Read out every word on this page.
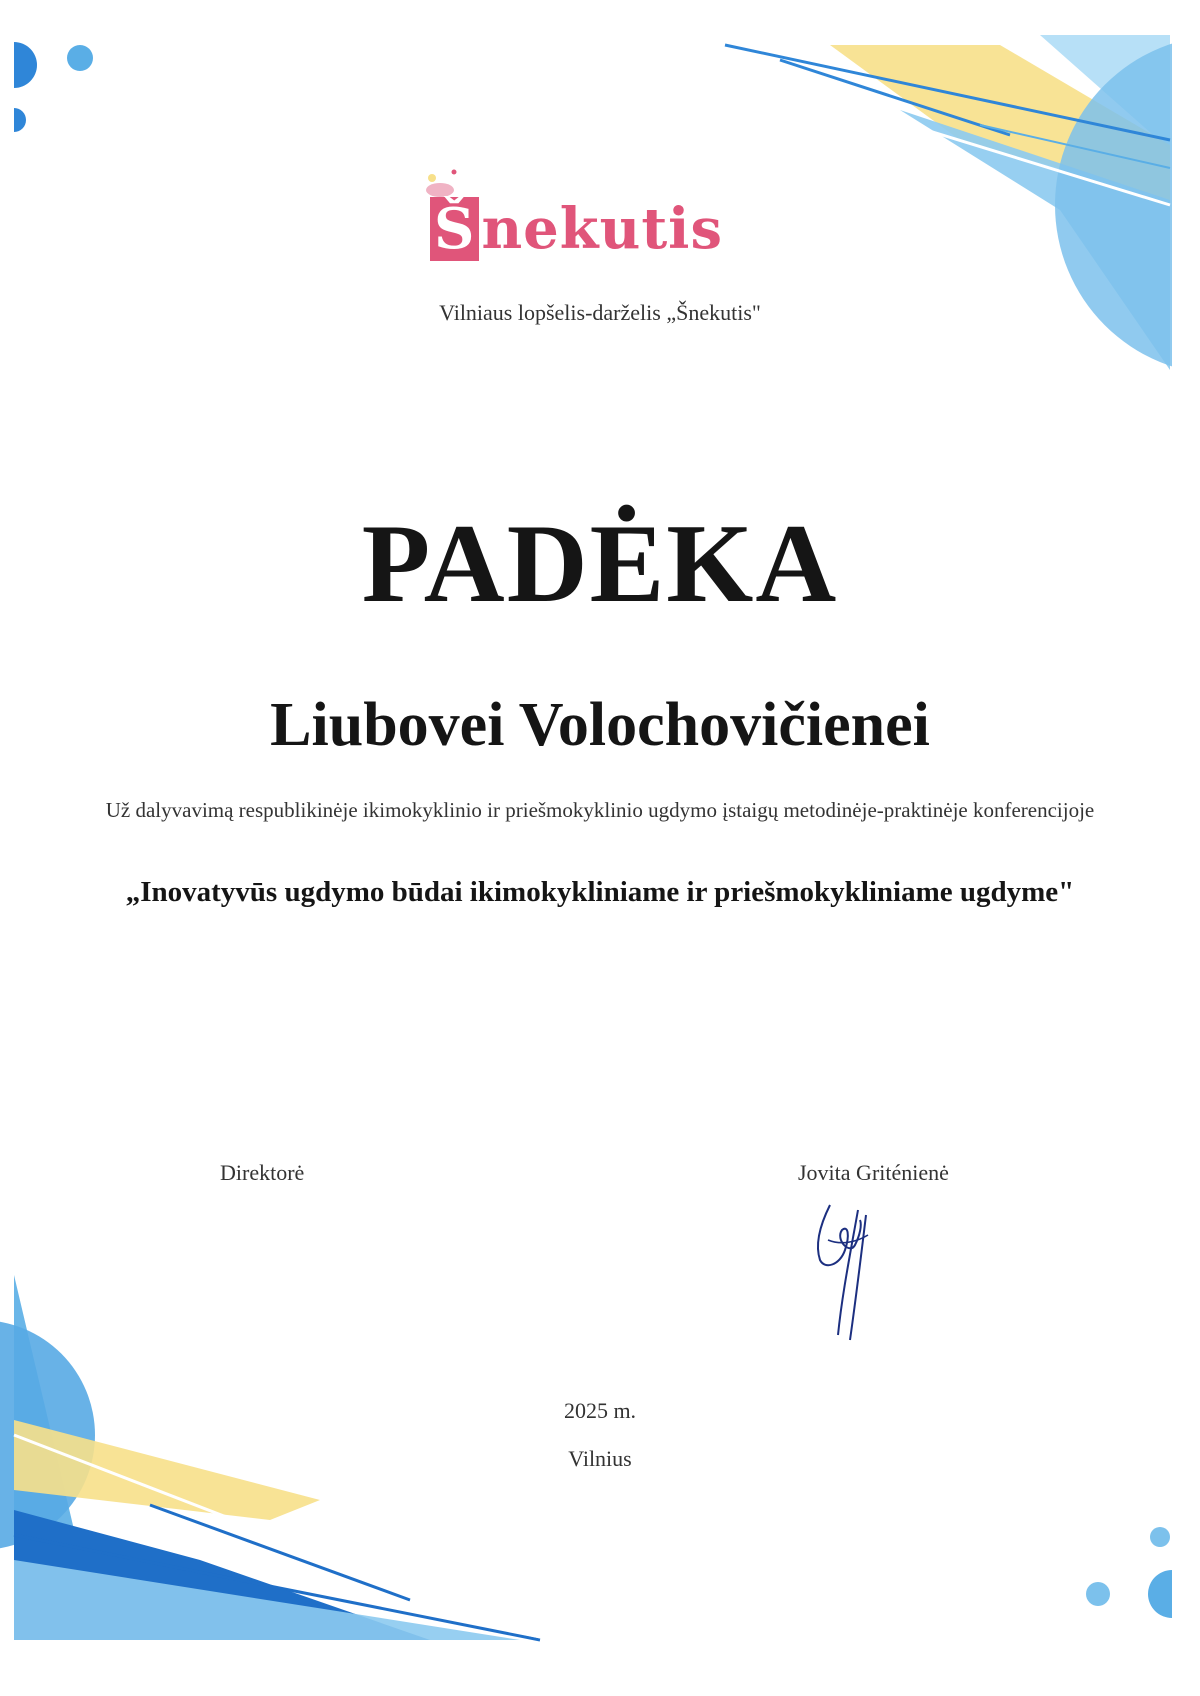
Š nekutis
Vilniaus lopšelis-darželis „Šnekutis"
PADĖKA
Liubovei Volochovičienei
Už dalyvavimą respublikinėje ikimokyklinio ir priešmokyklinio ugdymo įstaigų metodinėje-praktinėje konferencijoje
„Inovatyvūs ugdymo būdai ikimokykliniame ir priešmokykliniame ugdyme"
Direktorė	Jovita Griténienė
2025 m.
Vilnius
